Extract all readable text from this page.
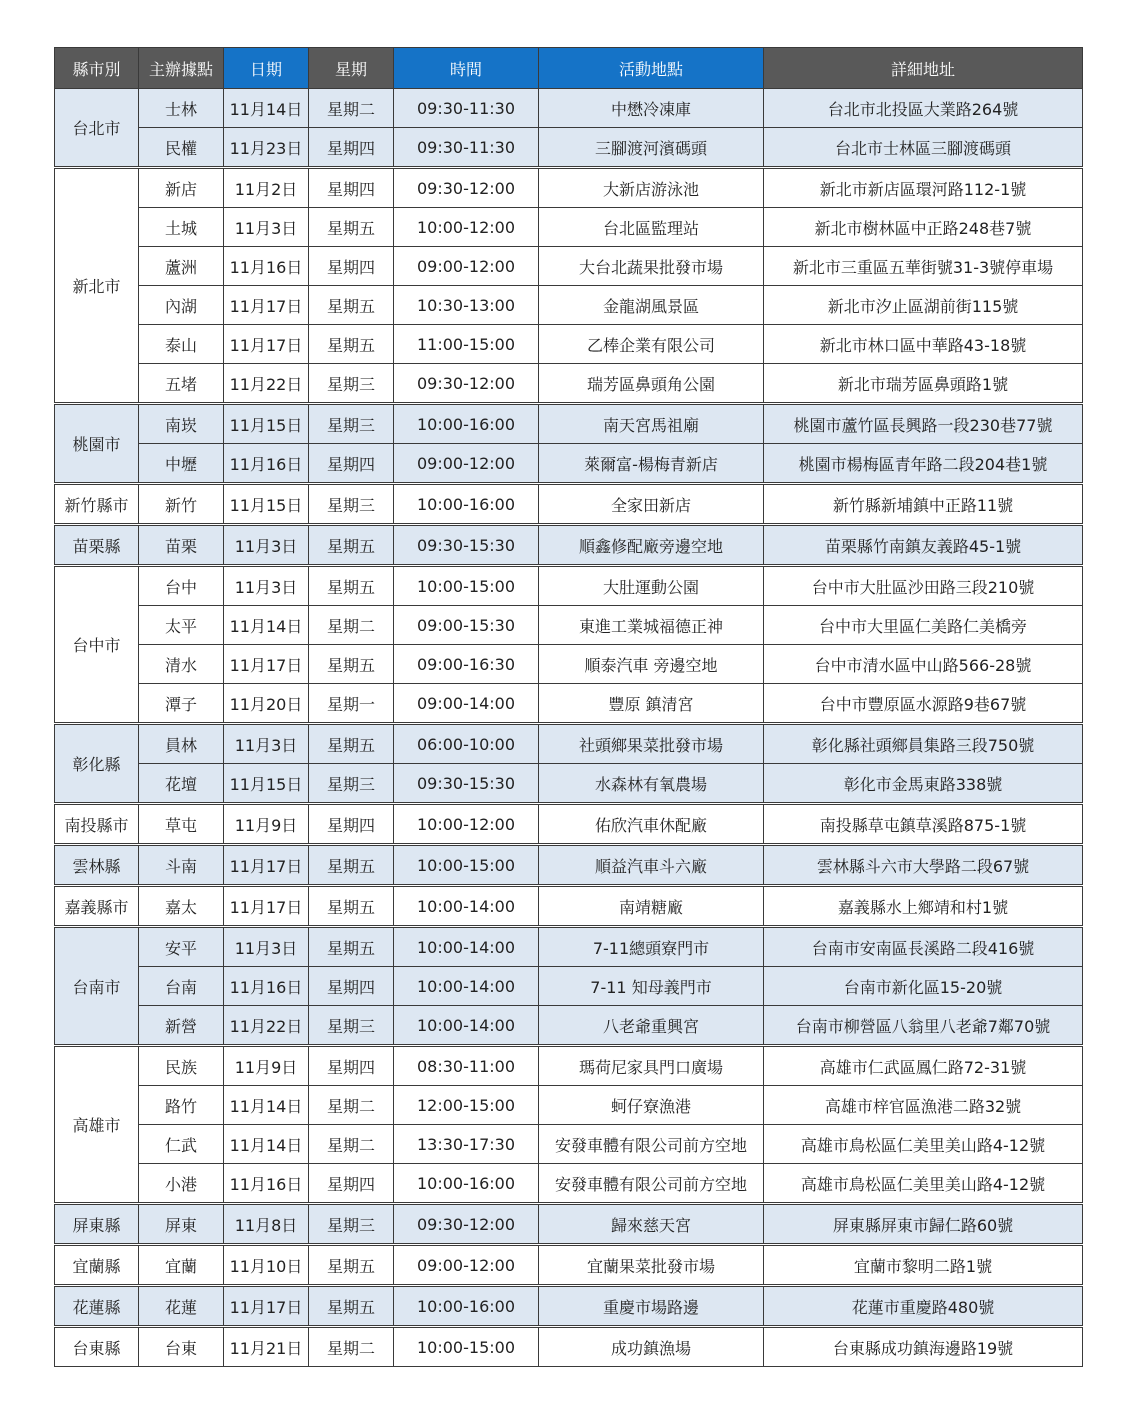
縣市別	主辦據點	日期	星期	時間	活動地點	詳細地址
台北市	士林	11月14日	星期二	09:30-11:30	中懋冷凍庫	台北市北投區大業路264號
	民權	11月23日	星期四	09:30-11:30	三腳渡河濱碼頭	台北市士林區三腳渡碼頭
新北市	新店	11月2日	星期四	09:30-12:00	大新店游泳池	新北市新店區環河路112-1號
	土城	11月3日	星期五	10:00-12:00	台北區監理站	新北市樹林區中正路248巷7號
	蘆洲	11月16日	星期四	09:00-12:00	大台北蔬果批發市場	新北市三重區五華街號31-3號停車場
	內湖	11月17日	星期五	10:30-13:00	金龍湖風景區	新北市汐止區湖前街115號
	泰山	11月17日	星期五	11:00-15:00	乙棒企業有限公司	新北市林口區中華路43-18號
	五堵	11月22日	星期三	09:30-12:00	瑞芳區鼻頭角公園	新北市瑞芳區鼻頭路1號
桃園市	南崁	11月15日	星期三	10:00-16:00	南天宮馬祖廟	桃園市蘆竹區長興路一段230巷77號
	中壢	11月16日	星期四	09:00-12:00	萊爾富-楊梅青新店	桃園市楊梅區青年路二段204巷1號
新竹縣市	新竹	11月15日	星期三	10:00-16:00	全家田新店	新竹縣新埔鎮中正路11號
苗栗縣	苗栗	11月3日	星期五	09:30-15:30	順鑫修配廠旁邊空地	苗栗縣竹南鎮友義路45-1號
台中市	台中	11月3日	星期五	10:00-15:00	大肚運動公園	台中市大肚區沙田路三段210號
	太平	11月14日	星期二	09:00-15:30	東進工業城福德正神	台中市大里區仁美路仁美橋旁
	清水	11月17日	星期五	09:00-16:30	順泰汽車 旁邊空地	台中市清水區中山路566-28號
	潭子	11月20日	星期一	09:00-14:00	豐原 鎮清宮	台中市豐原區水源路9巷67號
彰化縣	員林	11月3日	星期五	06:00-10:00	社頭鄉果菜批發市場	彰化縣社頭鄉員集路三段750號
	花壇	11月15日	星期三	09:30-15:30	水森林有氧農場	彰化市金馬東路338號
南投縣市	草屯	11月9日	星期四	10:00-12:00	佑欣汽車休配廠	南投縣草屯鎮草溪路875-1號
雲林縣	斗南	11月17日	星期五	10:00-15:00	順益汽車斗六廠	雲林縣斗六市大學路二段67號
嘉義縣市	嘉太	11月17日	星期五	10:00-14:00	南靖糖廠	嘉義縣水上鄉靖和村1號
台南市	安平	11月3日	星期五	10:00-14:00	7-11總頭寮門市	台南市安南區長溪路二段416號
	台南	11月16日	星期四	10:00-14:00	7-11 知母義門市	台南市新化區15-20號
	新營	11月22日	星期三	10:00-14:00	八老爺重興宮	台南市柳營區八翁里八老爺7鄰70號
高雄市	民族	11月9日	星期四	08:30-11:00	瑪荷尼家具門口廣場	高雄市仁武區鳳仁路72-31號
	路竹	11月14日	星期二	12:00-15:00	蚵仔寮漁港	高雄市梓官區漁港二路32號
	仁武	11月14日	星期二	13:30-17:30	安發車體有限公司前方空地	高雄市鳥松區仁美里美山路4-12號
	小港	11月16日	星期四	10:00-16:00	安發車體有限公司前方空地	高雄市鳥松區仁美里美山路4-12號
屏東縣	屏東	11月8日	星期三	09:30-12:00	歸來慈天宮	屏東縣屏東市歸仁路60號
宜蘭縣	宜蘭	11月10日	星期五	09:00-12:00	宜蘭果菜批發市場	宜蘭市黎明二路1號
花蓮縣	花蓮	11月17日	星期五	10:00-16:00	重慶市場路邊	花蓮市重慶路480號
台東縣	台東	11月21日	星期二	10:00-15:00	成功鎮漁場	台東縣成功鎮海邊路19號
